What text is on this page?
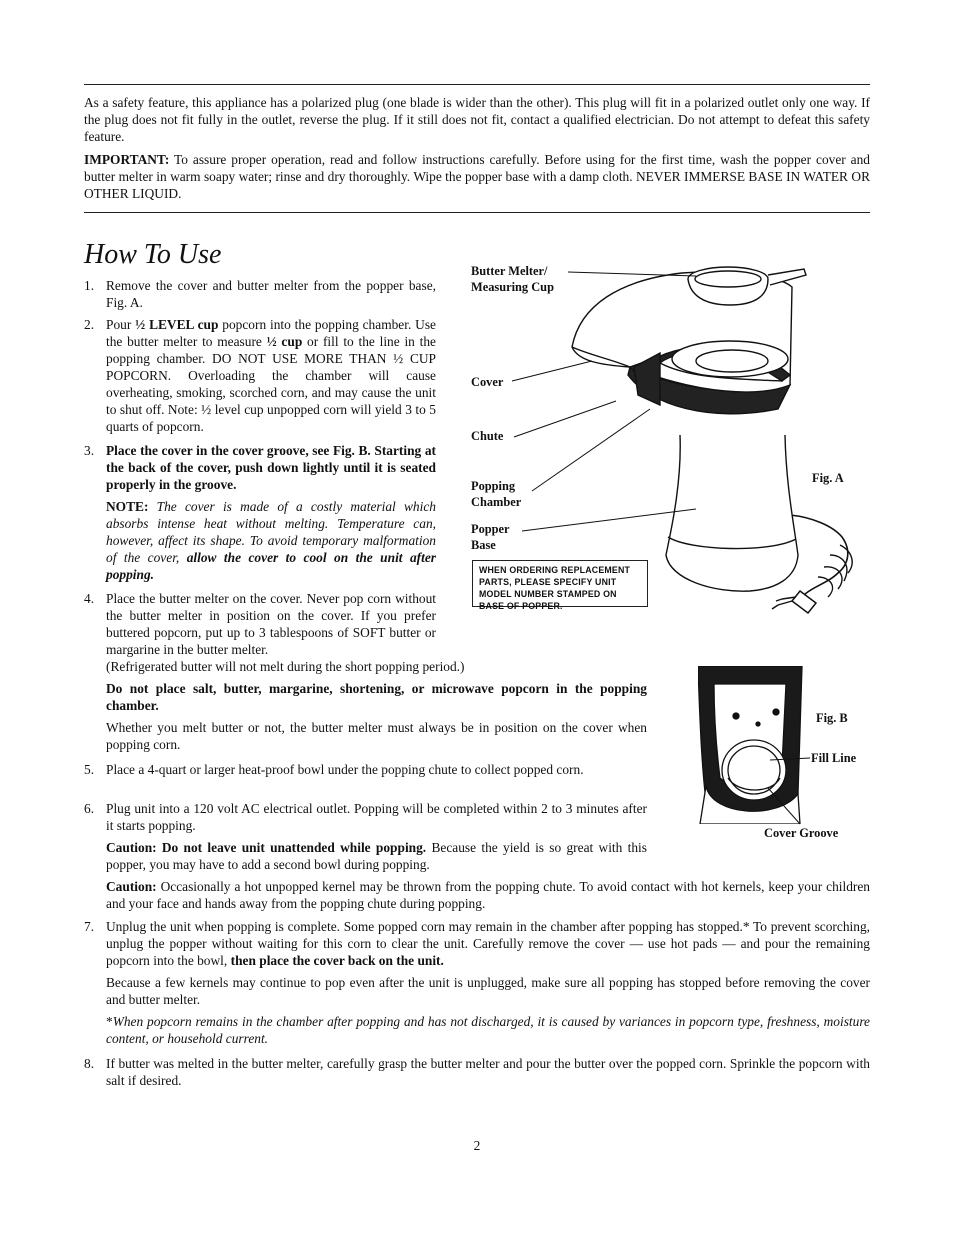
As a safety feature, this appliance has a polarized plug (one blade is wider than the other). This plug will fit in a polarized outlet only one way. If the plug does not fit fully in the outlet, reverse the plug. If it still does not fit, contact a qualified electrician. Do not attempt to defeat this safety feature.

IMPORTANT: To assure proper operation, read and follow instructions carefully. Before using for the first time, wash the popper cover and butter melter in warm soapy water; rinse and dry thoroughly. Wipe the popper base with a damp cloth. NEVER IMMERSE BASE IN WATER OR OTHER LIQUID.

How To Use
1. Remove the cover and butter melter from the popper base, Fig. A.

2. Pour ½ LEVEL cup popcorn into the popping chamber. Use the butter melter to measure ½ cup or fill to the line in the popping chamber. DO NOT USE MORE THAN ½ CUP POPCORN. Overloading the chamber will cause overheating, smoking, scorched corn, and may cause the unit to shut off. Note: ½ level cup unpopped corn will yield 3 to 5 quarts of popcorn.

3. Place the cover in the cover groove, see Fig. B. Starting at the back of the cover, push down lightly until it is seated properly in the groove.

NOTE: The cover is made of a costly material which absorbs intense heat without melting. Temperature can, however, affect its shape. To avoid temporary malformation of the cover, allow the cover to cool on the unit after popping.

4. Place the butter melter on the cover. Never pop corn without the butter melter in position on the cover. If you prefer buttered popcorn, put up to 3 tablespoons of SOFT butter or margarine in the butter melter.

(Refrigerated butter will not melt during the short popping period.)

Do not place salt, butter, margarine, shortening, or microwave popcorn in the popping chamber.

Whether you melt butter or not, the butter melter must always be in position on the cover when popping corn.

5. Place a 4-quart or larger heat-proof bowl under the popping chute to collect popped corn.

6. Plug unit into a 120 volt AC electrical outlet. Popping will be completed within 2 to 3 minutes after it starts popping.

Caution: Do not leave unit unattended while popping. Because the yield is so great with this popper, you may have to add a second bowl during popping.

Caution: Occasionally a hot unpopped kernel may be thrown from the popping chute. To avoid contact with hot kernels, keep your children and your face and hands away from the popping chute during popping.

7. Unplug the unit when popping is complete. Some popped corn may remain in the chamber after popping has stopped.* To prevent scorching, unplug the popper without waiting for this corn to clear the unit. Carefully remove the cover — use hot pads — and pour the remaining popcorn into the bowl, then place the cover back on the unit.

Because a few kernels may continue to pop even after the unit is unplugged, make sure all popping has stopped before removing the cover and butter melter.

*When popcorn remains in the chamber after popping and has not discharged, it is caused by variances in popcorn type, freshness, moisture content, or household current.

8. If butter was melted in the butter melter, carefully grasp the butter melter and pour the butter over the popped corn. Sprinkle the popcorn with salt if desired.

Butter Melter/
Measuring Cup
Cover
Chute
Popping
Chamber
Popper
Base
Fig. A
WHEN ORDERING REPLACEMENT PARTS, PLEASE SPECIFY UNIT MODEL NUMBER STAMPED ON BASE OF POPPER.
Fig. B
Fill Line
Cover Groove
2
